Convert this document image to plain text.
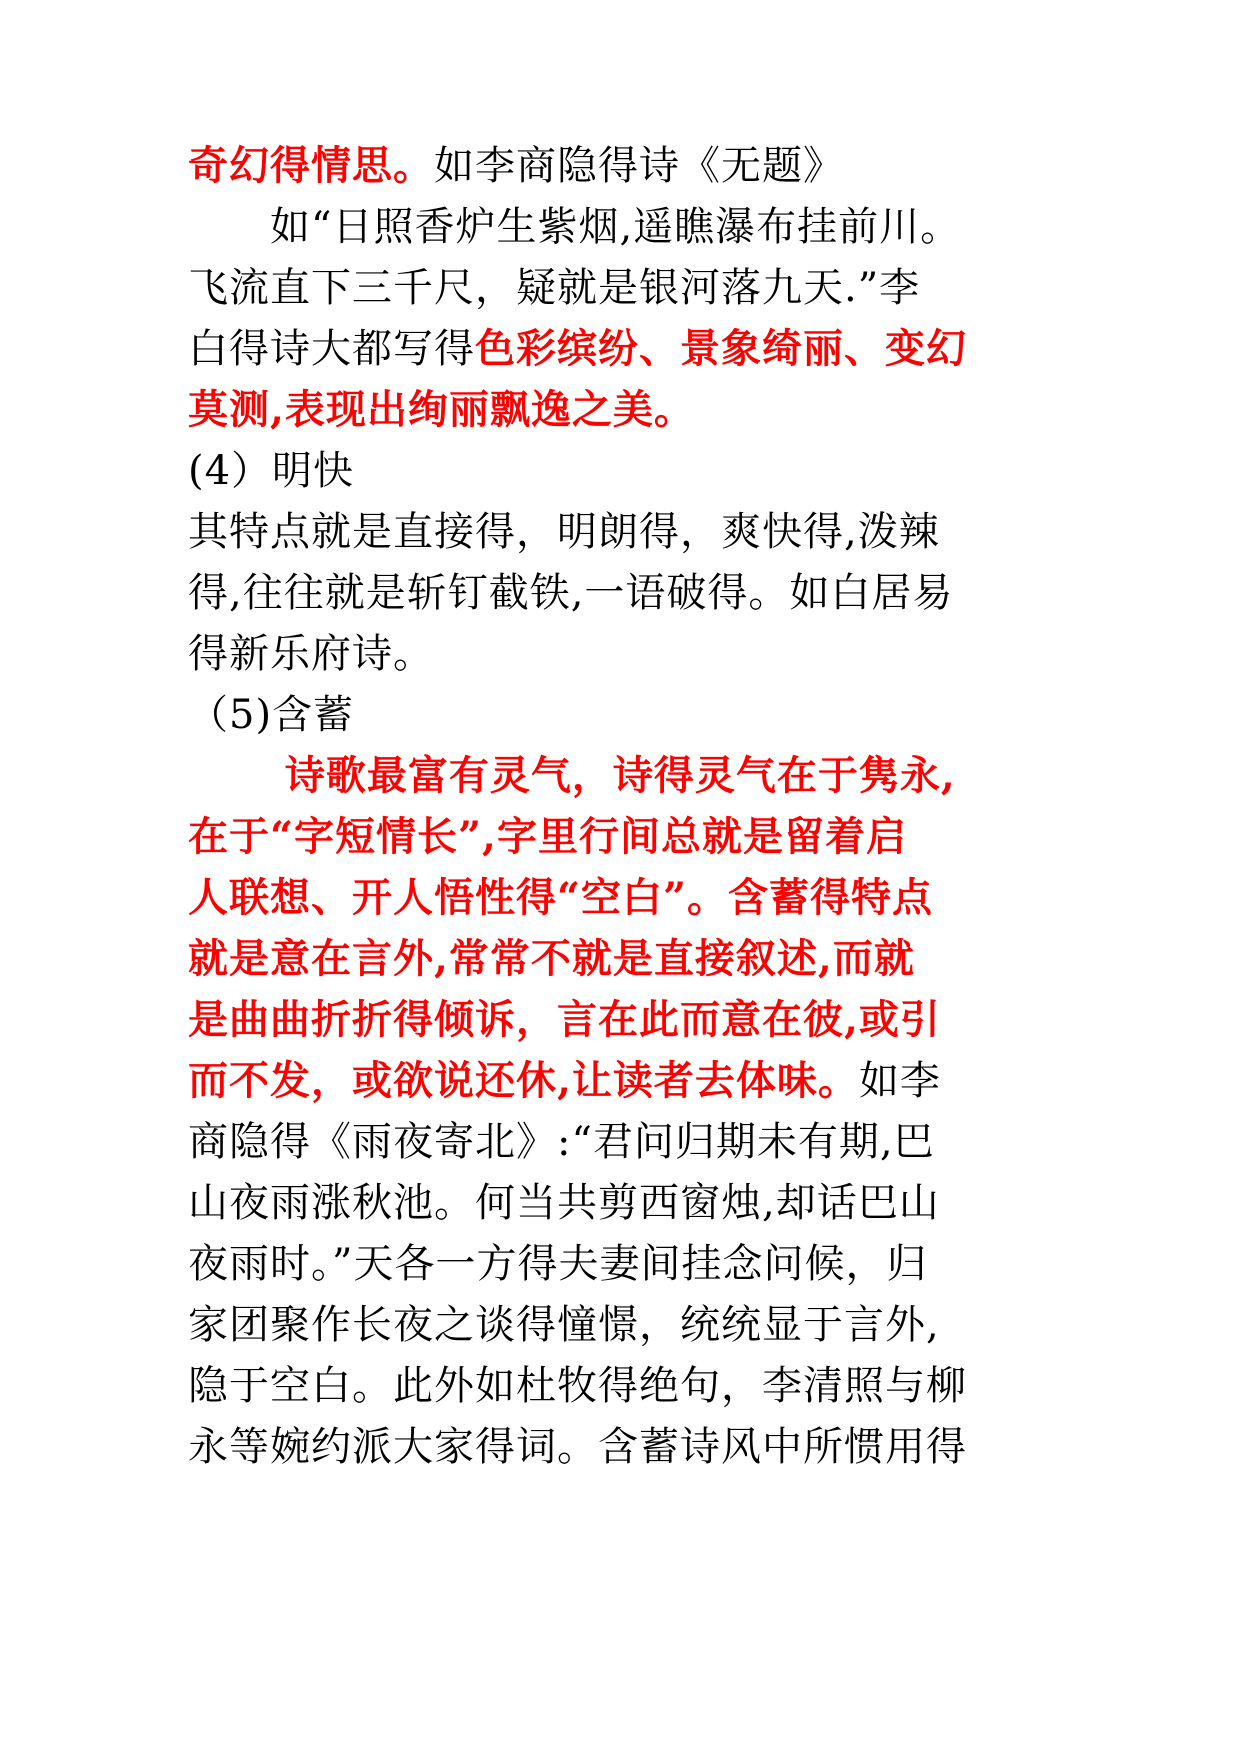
奇幻得情思。如李商隐得诗《无题》
　　如“日照香炉生紫烟,遥瞧瀑布挂前川。
飞流直下三千尺，疑就是银河落九天.”李
白得诗大都写得色彩缤纷、景象绮丽、变幻
莫测,表现出绚丽飘逸之美。
(4）明快
其特点就是直接得，明朗得，爽快得,泼辣
得,往往就是斩钉截铁,一语破得。如白居易
得新乐府诗。
（5)含蓄
　　 诗歌最富有灵气，诗得灵气在于隽永,
在于“字短情长”,字里行间总就是留着启
人联想、开人悟性得“空白”。含蓄得特点
就是意在言外,常常不就是直接叙述,而就
是曲曲折折得倾诉，言在此而意在彼,或引
而不发，或欲说还休,让读者去体味。如李
商隐得《雨夜寄北》:“君问归期未有期,巴
山夜雨涨秋池。何当共剪西窗烛,却话巴山
夜雨时。”天各一方得夫妻间挂念问候，归
家团聚作长夜之谈得憧憬，统统显于言外,
隐于空白。此外如杜牧得绝句，李清照与柳
永等婉约派大家得词。含蓄诗风中所惯用得
